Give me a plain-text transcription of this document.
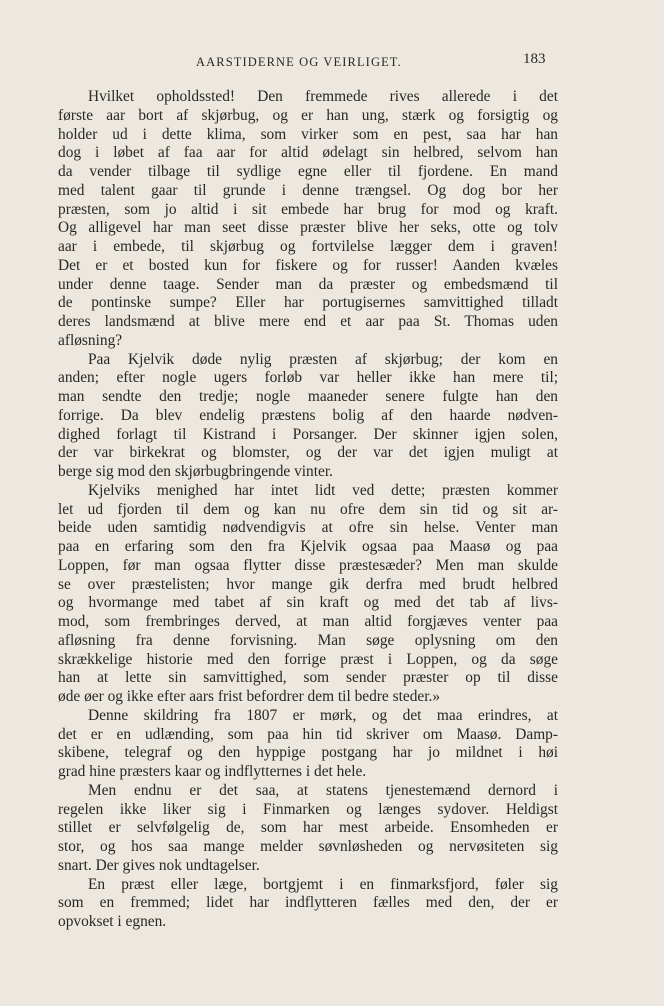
AARSTIDERNE OG VEIRLIGET.	183
Hvilket opholdssted! Den fremmede rives allerede i det
første aar bort af skjørbug, og er han ung, stærk og forsigtig og
holder ud i dette klima, som virker som en pest, saa har han
dog i løbet af faa aar for altid ødelagt sin helbred, selvom han
da vender tilbage til sydlige egne eller til fjordene. En mand
med talent gaar til grunde i denne trængsel. Og dog bor her
præsten, som jo altid i sit embede har brug for mod og kraft.
Og alligevel har man seet disse præster blive her seks, otte og tolv
aar i embede, til skjørbug og fortvilelse lægger dem i graven!
Det er et bosted kun for fiskere og for russer! Aanden kvæles
under denne taage. Sender man da præster og embedsmænd til
de pontinske sumpe? Eller har portugisernes samvittighed tilladt
deres landsmænd at blive mere end et aar paa St. Thomas uden
afløsning?
Paa Kjelvik døde nylig præsten af skjørbug; der kom en
anden; efter nogle ugers forløb var heller ikke han mere til;
man sendte den tredje; nogle maaneder senere fulgte han den
forrige. Da blev endelig præstens bolig af den haarde nødven-
dighed forlagt til Kistrand i Porsanger. Der skinner igjen solen,
der var birkekrat og blomster, og der var det igjen muligt at
berge sig mod den skjørbugbringende vinter.
Kjelviks menighed har intet lidt ved dette; præsten kommer
let ud fjorden til dem og kan nu ofre dem sin tid og sit ar-
beide uden samtidig nødvendigvis at ofre sin helse. Venter man
paa en erfaring som den fra Kjelvik ogsaa paa Maasø og paa
Loppen, før man ogsaa flytter disse præstesæder? Men man skulde
se over præstelisten; hvor mange gik derfra med brudt helbred
og hvormange med tabet af sin kraft og med det tab af livs-
mod, som frembringes derved, at man altid forgjæves venter paa
afløsning fra denne forvisning. Man søge oplysning om den
skrækkelige historie med den forrige præst i Loppen, og da søge
han at lette sin samvittighed, som sender præster op til disse
øde øer og ikke efter aars frist befordrer dem til bedre steder.»
Denne skildring fra 1807 er mørk, og det maa erindres, at
det er en udlænding, som paa hin tid skriver om Maasø. Damp-
skibene, telegraf og den hyppige postgang har jo mildnet i høi
grad hine præsters kaar og indflytternes i det hele.
Men endnu er det saa, at statens tjenestemænd dernord i
regelen ikke liker sig i Finmarken og længes sydover. Heldigst
stillet er selvfølgelig de, som har mest arbeide. Ensomheden er
stor, og hos saa mange melder søvnløsheden og nervøsiteten sig
snart. Der gives nok undtagelser.
En præst eller læge, bortgjemt i en finmarksfjord, føler sig
som en fremmed; lidet har indflytteren fælles med den, der er
opvokset i egnen.
